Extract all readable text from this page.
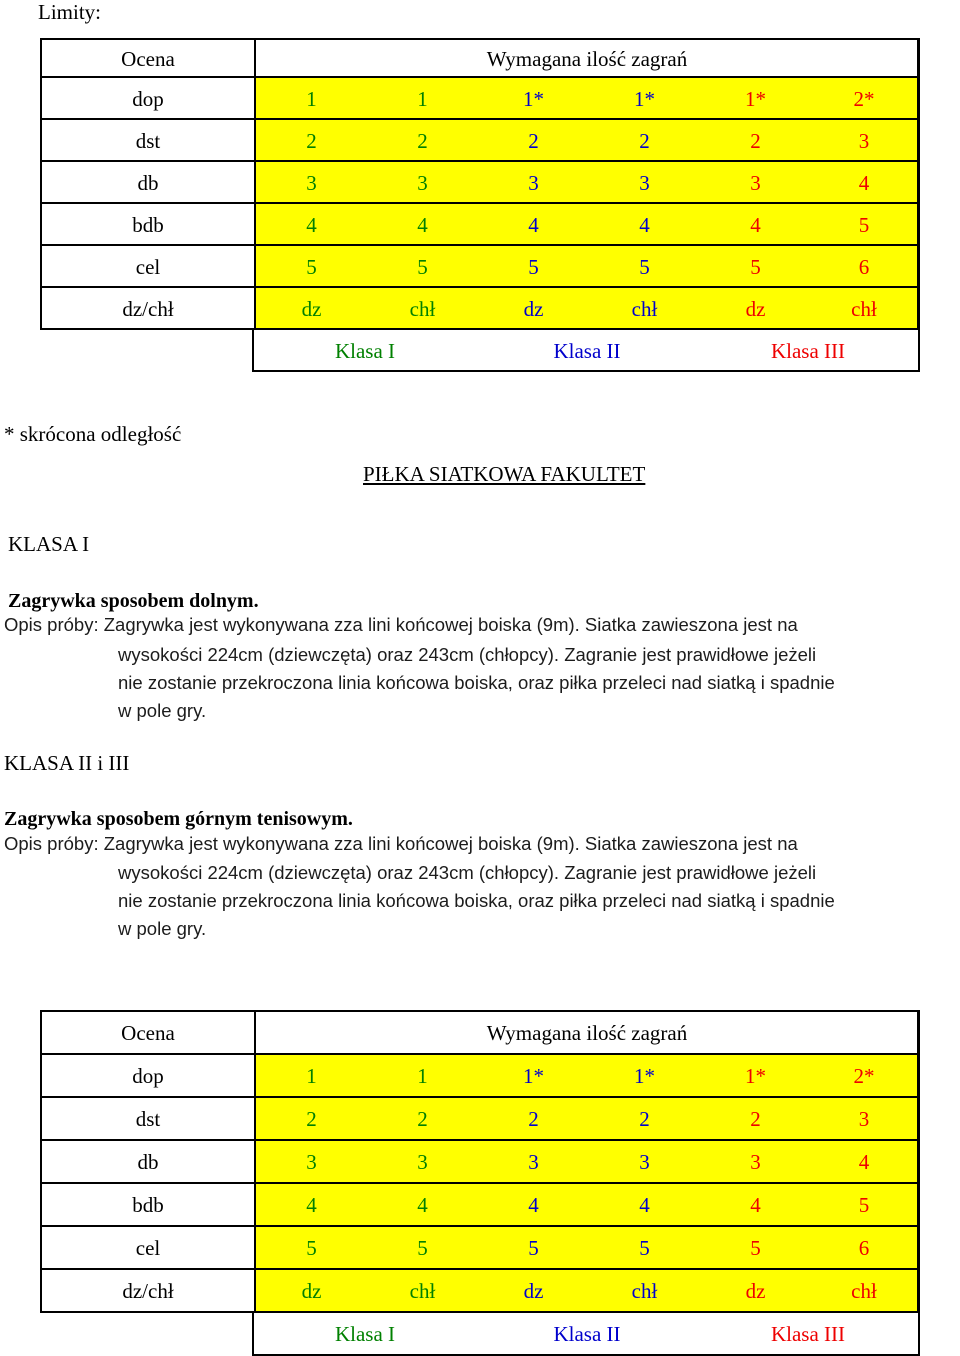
Limity:
Ocena	Wymagana ilość zagrań
dop	1	1	1*	1*	1*	2*
dst	2	2	2	2	2	3
db	3	3	3	3	3	4
bdb	4	4	4	4	4	5
cel	5	5	5	5	5	6
dz/chł	dz	chł	dz	chł	dz	chł
Klasa I	Klasa II	Klasa III
* skrócona odległość
PIŁKA SIATKOWA FAKULTET
KLASA I
Zagrywka sposobem dolnym.
Opis próby: Zagrywka jest wykonywana zza lini końcowej boiska (9m). Siatka zawieszona jest na
wysokości 224cm (dziewczęta) oraz 243cm (chłopcy). Zagranie jest prawidłowe jeżeli
nie zostanie przekroczona linia końcowa boiska, oraz piłka przeleci nad siatką i spadnie
w pole gry.
KLASA II i III
Zagrywka sposobem górnym tenisowym.
Opis próby: Zagrywka jest wykonywana zza lini końcowej boiska (9m). Siatka zawieszona jest na
wysokości 224cm (dziewczęta) oraz 243cm (chłopcy). Zagranie jest prawidłowe jeżeli
nie zostanie przekroczona linia końcowa boiska, oraz piłka przeleci nad siatką i spadnie
w pole gry.
Ocena	Wymagana ilość zagrań
dop	1	1	1*	1*	1*	2*
dst	2	2	2	2	2	3
db	3	3	3	3	3	4
bdb	4	4	4	4	4	5
cel	5	5	5	5	5	6
dz/chł	dz	chł	dz	chł	dz	chł
Klasa I	Klasa II	Klasa III
